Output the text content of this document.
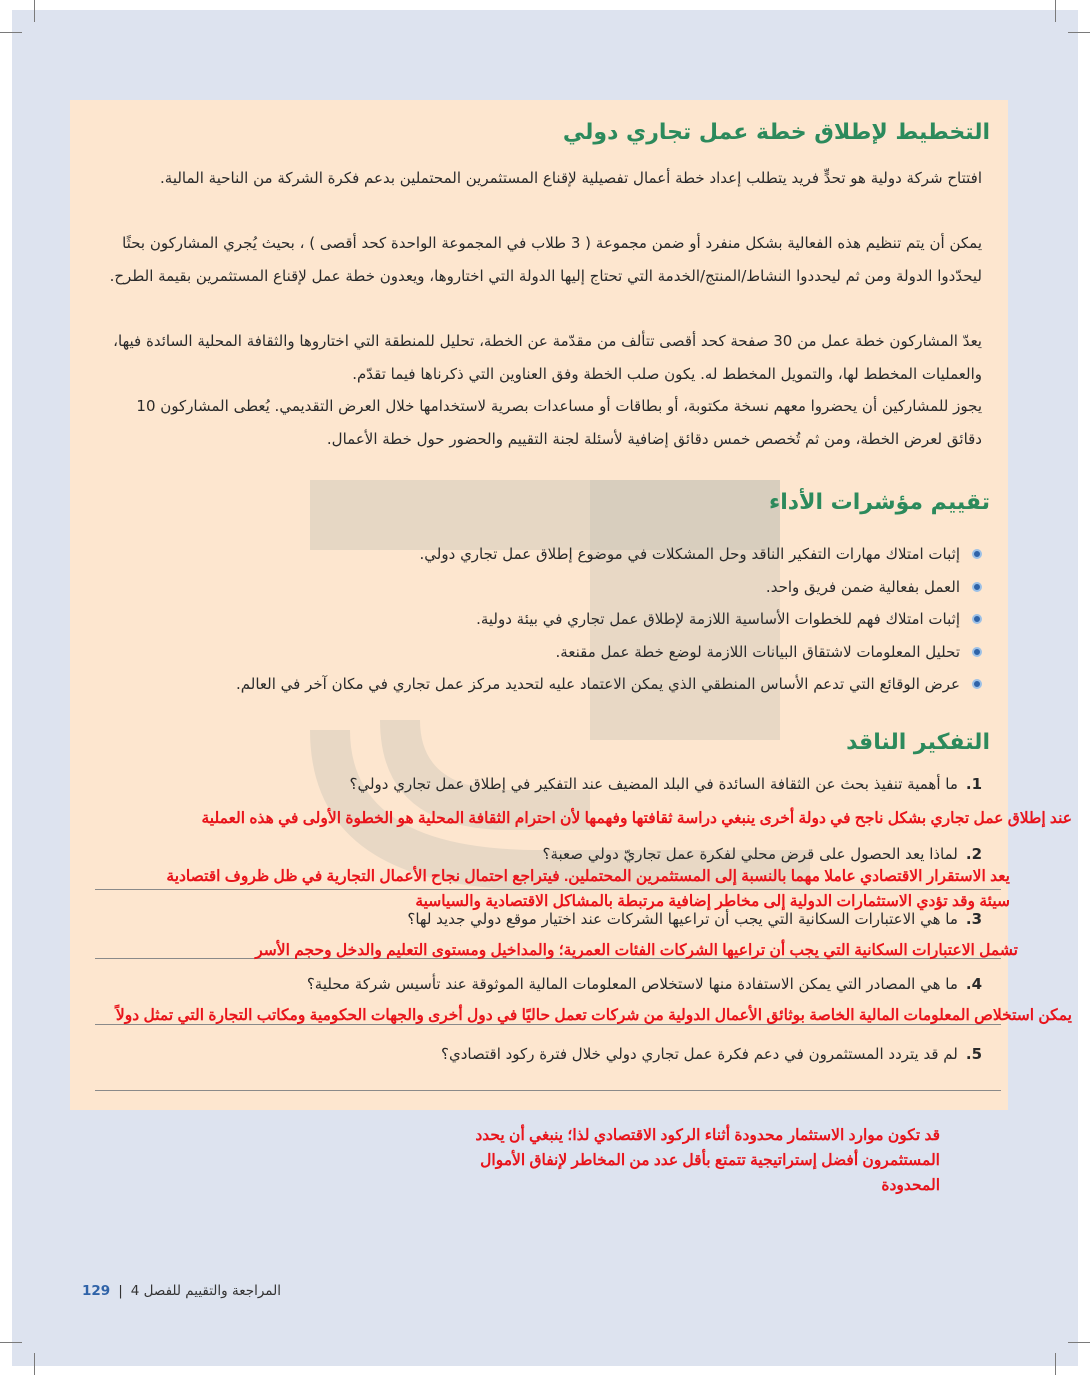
التخطيط لإطلاق خطة عمل تجاري دولي

افتتاح شركة دولية هو تحدٍّ فريد يتطلب إعداد خطة أعمال تفصيلية لإقناع المستثمرين المحتملين بدعم فكرة الشركة من الناحية المالية.

يمكن أن يتم تنظيم هذه الفعالية بشكل منفرد أو ضمن مجموعة ( 3 طلاب في المجموعة الواحدة كحد أقصى ) ، بحيث يُجري المشاركون بحثًا ليحدّدوا الدولة ومن ثم ليحددوا النشاط/المنتج/الخدمة التي تحتاج إليها الدولة التي اختاروها، ويعدون خطة عمل لإقناع المستثمرين بقيمة الطرح.

يعدّ المشاركون خطة عمل من 30 صفحة كحد أقصى تتألف من مقدّمة عن الخطة، تحليل للمنطقة التي اختاروها والثقافة المحلية السائدة فيها، والعمليات المخطط لها، والتمويل المخطط له. يكون صلب الخطة وفق العناوين التي ذكرناها فيما تقدّم.

يجوز للمشاركين أن يحضروا معهم نسخة مكتوبة، أو بطاقات أو مساعدات بصرية لاستخدامها خلال العرض التقديمي. يُعطى المشاركون 10 دقائق لعرض الخطة، ومن ثم تُخصص خمس دقائق إضافية لأسئلة لجنة التقييم والحضور حول خطة الأعمال.

تقييم مؤشرات الأداء
إثبات امتلاك مهارات التفكير الناقد وحل المشكلات في موضوع إطلاق عمل تجاري دولي.
العمل بفعالية ضمن فريق واحد.
إثبات امتلاك فهم للخطوات الأساسية اللازمة لإطلاق عمل تجاري في بيئة دولية.
تحليل المعلومات لاشتقاق البيانات اللازمة لوضع خطة عمل مقنعة.
عرض الوقائع التي تدعم الأساس المنطقي الذي يمكن الاعتماد عليه لتحديد مركز عمل تجاري في مكان آخر في العالم.
التفكير الناقد
1.ما أهمية تنفيذ بحث عن الثقافة السائدة في البلد المضيف عند التفكير في إطلاق عمل تجاري دولي؟
2.لماذا يعد الحصول على قرض محلي لفكرة عمل تجاريّ دولي صعبة؟
3.ما هي الاعتبارات السكانية التي يجب أن تراعيها الشركات عند اختيار موقع دولي جديد لها؟
4.ما هي المصادر التي يمكن الاستفادة منها لاستخلاص المعلومات المالية الموثوقة عند تأسيس شركة محلية؟
5.لم قد يتردد المستثمرون في دعم فكرة عمل تجاري دولي خلال فترة ركود اقتصادي؟
عند إطلاق عمل تجاري بشكل ناجح في دولة أخرى ينبغي دراسة ثقافتها وفهمها لأن احترام الثقافة المحلية هو الخطوة الأولى في هذه العملية
يعد الاستقرار الاقتصادي عاملا مهما بالنسبة إلى المستثمرين المحتملين. فيتراجع احتمال نجاح الأعمال التجارية في ظل ظروف اقتصادية سيئة وقد تؤدي الاستثمارات الدولية إلى مخاطر إضافية مرتبطة بالمشاكل الاقتصادية والسياسية
تشمل الاعتبارات السكانية التي يجب أن تراعيها الشركات الفئات العمرية؛ والمداخيل ومستوى التعليم والدخل وحجم الأسر
يمكن استخلاص المعلومات المالية الخاصة بوثائق الأعمال الدولية من شركات تعمل حاليًا في دول أخرى والجهات الحكومية ومكاتب التجارة التي تمثل دولاً
قد تكون موارد الاستثمار محدودة أثناء الركود الاقتصادي لذا؛ ينبغي أن يحدد المستثمرون أفضل إستراتيجية تتمتع بأقل عدد من المخاطر لإنفاق الأموال المحدودة
129 | المراجعة والتقييم للفصل 4
